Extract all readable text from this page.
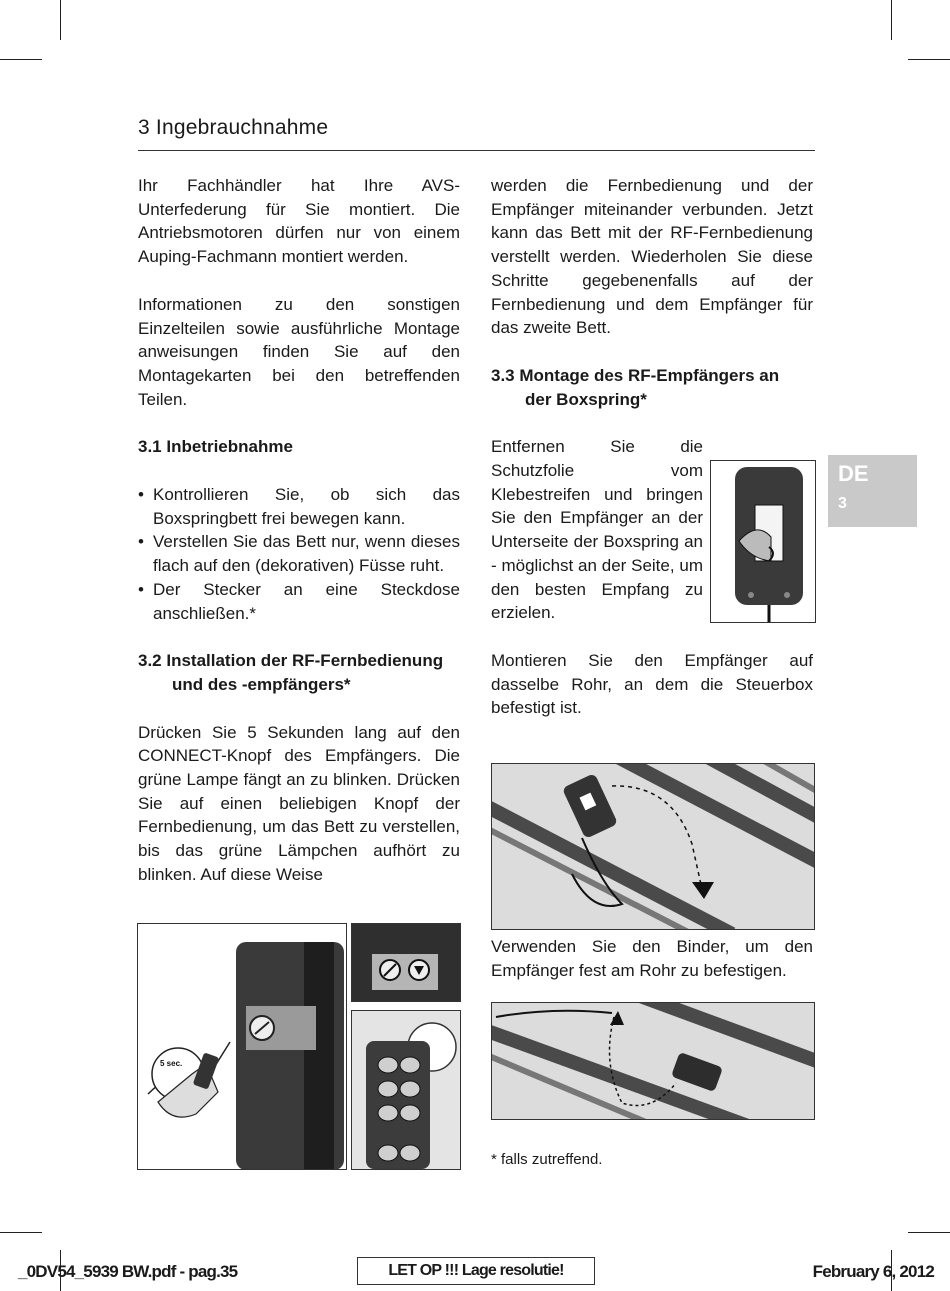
3 Ingebrauchnahme

Ihr Fachhändler hat Ihre AVS-Unterfederung für Sie montiert. Die Antriebsmotoren dürfen nur von einem Auping-Fachmann montiert werden.

Informationen zu den sonstigen Einzelteilen sowie ausführliche Montage anweisungen finden Sie auf den Montagekarten bei den betreffenden Teilen.

3.1 Inbetriebnahme
• Kontrollieren Sie, ob sich das Boxspringbett frei bewegen kann.
• Verstellen Sie das Bett nur, wenn dieses flach auf den (dekorativen) Füsse ruht.
• Der Stecker an eine Steckdose anschließen.*
3.2 Installation der RF-Fernbedienung
und des -empfängers*

Drücken Sie 5 Sekunden lang auf den CONNECT-Knopf des Empfängers. Die grüne Lampe fängt an zu blinken. Drücken Sie auf einen beliebigen Knopf der Fernbedienung, um das Bett zu verstellen, bis das grüne Lämpchen aufhört zu blinken. Auf diese Weise

5 sec.

werden die Fernbedienung und der Empfänger miteinander verbunden. Jetzt kann das Bett mit der RF-Fernbedienung verstellt werden. Wiederholen Sie diese Schritte gegebenenfalls auf der Fernbedienung und dem Empfänger für das zweite Bett.

3.3 Montage des RF-Empfängers an
der Boxspring*

Entfernen Sie die Schutzfolie vom Klebestreifen und bringen Sie den Empfänger an der Unterseite der Boxspring an - möglichst an der Seite, um den besten Empfang zu erzielen.

Montieren Sie den Empfänger auf dasselbe Rohr, an dem die Steuerbox befestigt ist.

Verwenden Sie den Binder, um den Empfänger fest am Rohr zu befestigen.

* falls zutreffend.
DE
3
_0DV54_5939 BW.pdf - pag.35	LET OP !!! Lage resolutie!	February 6, 2012
